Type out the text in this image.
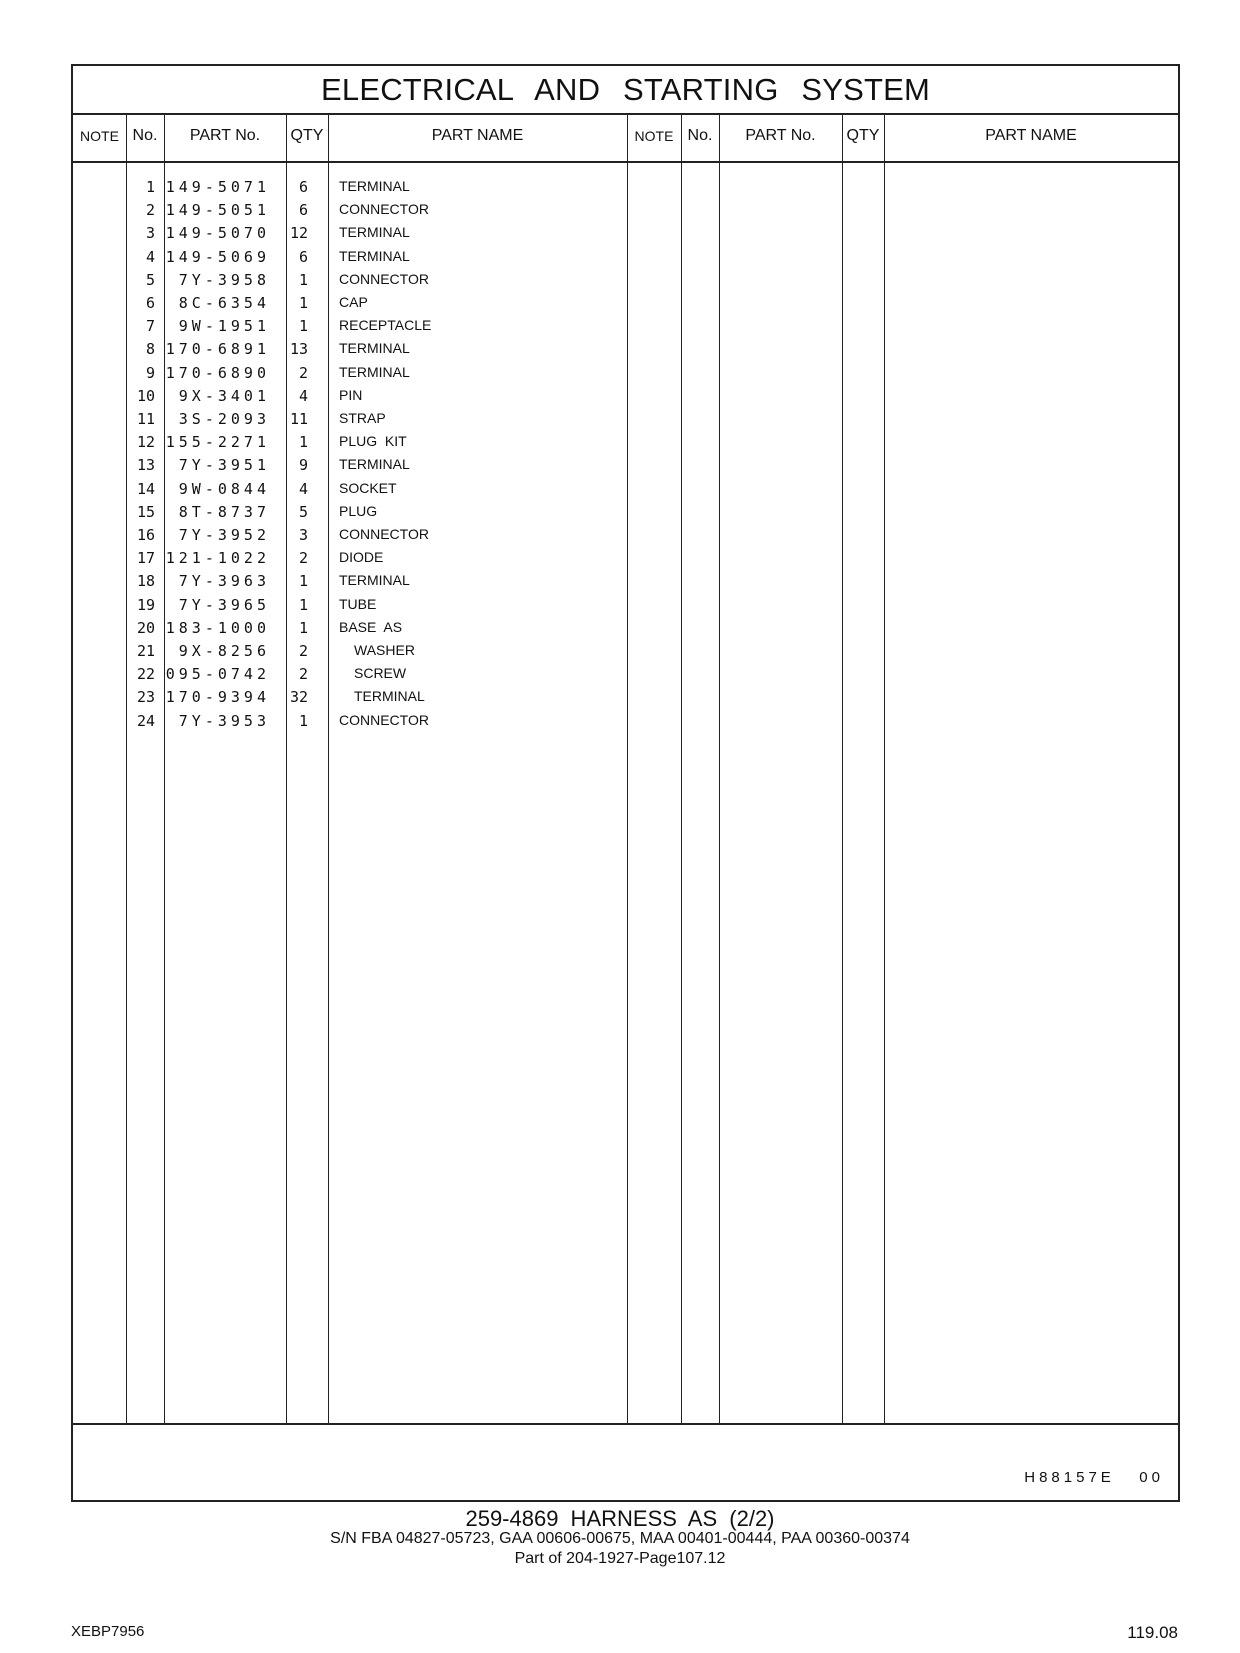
ELECTRICAL AND STARTING SYSTEM
NOTE No.	PART No.	QTY	PART NAME	NOTE No.	PART No.	QTY	PART NAME
1 149-5071	6 TERMINAL
2 149-5051	6 CONNECTOR
3 149-5070	12 TERMINAL
4 149-5069	6 TERMINAL
5	7Y-3958	1 CONNECTOR
6	8C-6354	1 CAP
7	9W-1951	1 RECEPTACLE
8 170-6891	13 TERMINAL
9 170-6890	2 TERMINAL
10	9X-3401	4 PIN
11	3S-2093	11 STRAP
12 155-2271	1 PLUG  KIT
13	7Y-3951	9 TERMINAL
14	9W-0844	4 SOCKET
15	8T-8737	5 PLUG
16	7Y-3952	3 CONNECTOR
17 121-1022	2 DIODE
18	7Y-3963	1 TERMINAL
19	7Y-3965	1 TUBE
20 183-1000	1 BASE  AS
21	9X-8256	2	WASHER
22 095-0742	2	SCREW
23 170-9394	32	TERMINAL
24	7Y-3953	1 CONNECTOR
H88157E   00
259-4869 HARNESS AS (2/2)
S/N FBA 04827-05723, GAA 00606-00675, MAA 00401-00444, PAA 00360-00374
Part of 204-1927-Page107.12
XEBP7956	119.08
